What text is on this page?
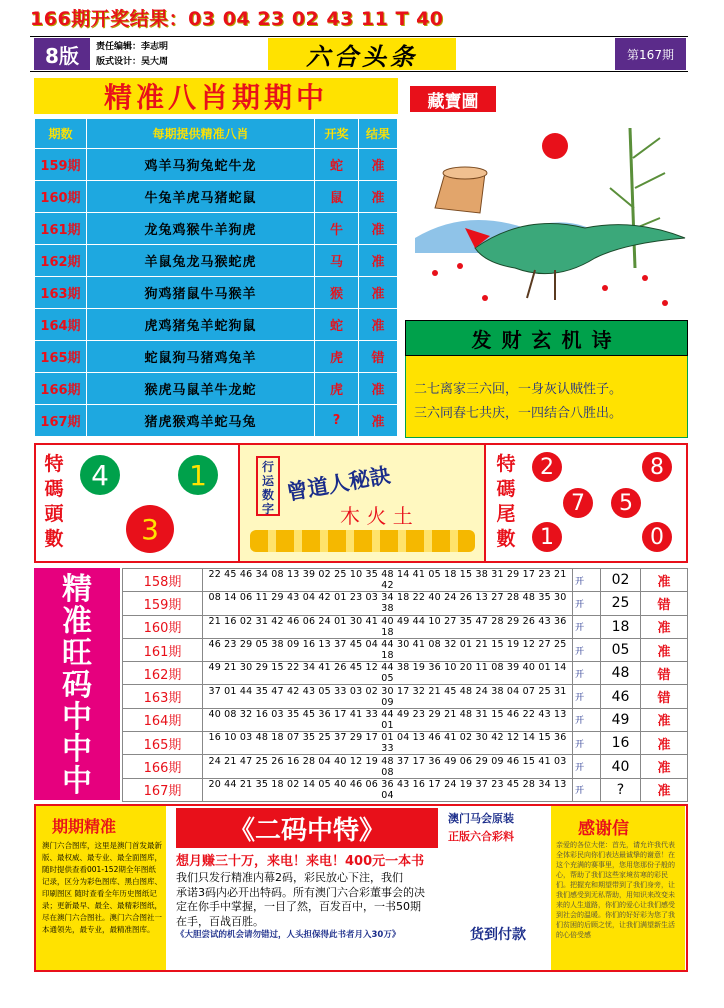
166期开奖结果：03 04 23 02 43 11 T 40
8版	责任编辑：李志明
版式设计：吴大周	六合头条	第167期
精准八肖期期中	藏寶圖
期数	每期提供精准八肖	开奖	结果
159期	鸡羊马狗兔蛇牛龙	蛇	准
160期	牛兔羊虎马猪蛇鼠	鼠	准
161期	龙兔鸡猴牛羊狗虎	牛	准
162期	羊鼠兔龙马猴蛇虎	马	准
163期	狗鸡猪鼠牛马猴羊	猴	准
164期	虎鸡猪兔羊蛇狗鼠	蛇	准
165期	蛇鼠狗马猪鸡兔羊	虎	错
166期	猴虎马鼠羊牛龙蛇	虎	准
167期	猪虎猴鸡羊蛇马兔	?	准
发财玄机诗
二七离家三六回，一身灰认贼性子。
三六同春七共庆，一四结合八胜出。
特碼頭數
4	1
3
行运数字
曾道人秘訣
木 火 土
特碼尾數
2	8
7	5
1	0
精
准
旺
码
中
中
中
158期	22 45 46 34 08 13 39 02 25 10 35 48 14 41 05 18 15 38 31 29 17 23 21 42	开	02	准
159期	08 14 06 11 29 43 04 42 01 23 03 34 18 22 40 24 26 13 27 28 48 35 30 38	开	25	错
160期	21 16 02 31 42 46 06 24 01 30 41 40 49 44 10 27 35 47 28 29 26 43 36 18	开	18	准
161期	46 23 29 05 38 09 16 13 37 45 04 44 30 41 08 32 01 21 15 19 12 27 25 18	开	05	准
162期	49 21 30 29 15 22 34 41 26 45 12 44 38 19 36 10 20 11 08 39 40 01 14 05	开	48	错
163期	37 01 44 35 47 42 43 05 33 03 02 30 17 32 21 45 48 24 38 04 07 25 31 09	开	46	错
164期	40 08 32 16 03 35 45 36 17 41 33 44 49 23 29 21 48 31 15 46 22 43 13 01	开	49	准
165期	16 10 03 48 18 07 35 25 37 29 17 01 04 13 46 41 02 30 42 12 14 15 36 33	开	16	准
166期	24 21 47 25 26 16 28 04 40 12 19 48 37 17 36 49 06 29 09 46 15 41 03 08	开	40	准
167期	20 44 21 35 18 02 14 05 40 46 06 36 43 16 17 24 19 37 23 45 28 34 13 04	开	?	准
期期精准
澳门六合图库，这里是澳门首发最新版、最权威、最专业、最全面图库，随时提供查看001-152期全年图纸记录，区分为彩色图库、黑白图库、印刷图区 随时查看全年历史图纸记录；更新最早、最全、最精彩图纸，尽在澳门六合图社。澳门六合图社一本通领先，最专业，最精准图库。
《二码中特》	澳门马会原装
正版六合彩料
想月赚三十万，来电！来电！400元一本书
我们只发行精准内幕2码，彩民放心下注，我们
承诺3码内必开出特码。所有澳门六合彩董事会的决
定在你手中掌握，一目了然，百发百中，一书50期
在手，百战百胜。
《大胆尝试的机会请勿错过，人头担保得此书者月入30万》	货到付款
感谢信
亲爱的各位大佬：首先，请允许我代表全体彩民向你们表达最诚挚的谢意！在这个充满的赛事里，您用您那份子般的心，帮助了我们这些家境贫寒的彩民们。把握充和期望带到了我们身旁，让我们感受到无私帮助，用知识来改变未来的人生道路，你们的爱心让我们感受到社会的温暖。你们的好好彩为您了我们贫困的后顾之忧，让我们满望新生活的心倍受感
